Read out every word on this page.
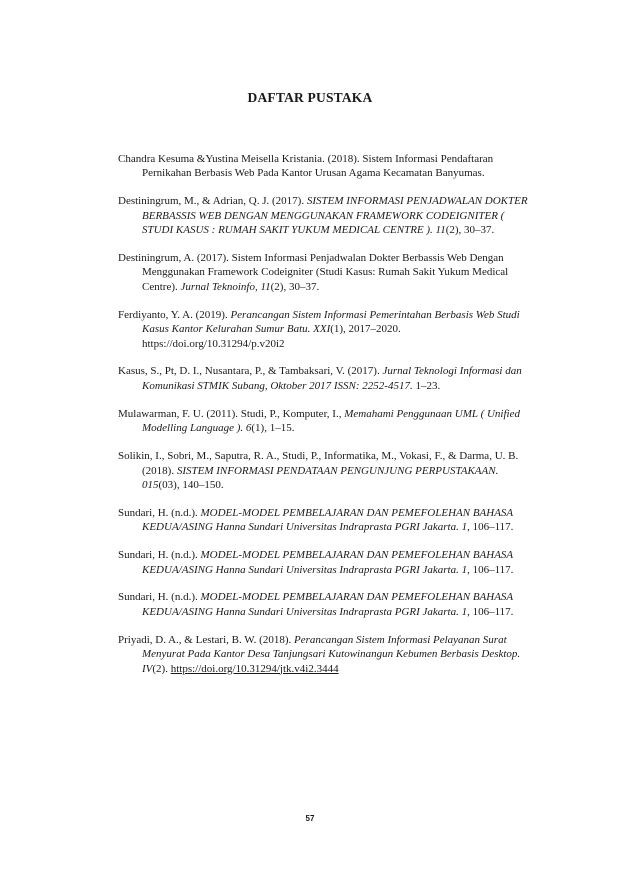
DAFTAR PUSTAKA
Chandra Kesuma &Yustina Meisella Kristania. (2018). Sistem Informasi Pendaftaran Pernikahan Berbasis Web Pada Kantor Urusan Agama Kecamatan Banyumas.
Destiningrum, M., & Adrian, Q. J. (2017). SISTEM INFORMASI PENJADWALAN DOKTER BERBASSIS WEB DENGAN MENGGUNAKAN FRAMEWORK CODEIGNITER ( STUDI KASUS : RUMAH SAKIT YUKUM MEDICAL CENTRE ). 11(2), 30–37.
Destiningrum, A. (2017). Sistem Informasi Penjadwalan Dokter Berbassis Web Dengan Menggunakan Framework Codeigniter (Studi Kasus: Rumah Sakit Yukum Medical Centre). Jurnal Teknoinfo, 11(2), 30–37.
Ferdiyanto, Y. A. (2019). Perancangan Sistem Informasi Pemerintahan Berbasis Web Studi Kasus Kantor Kelurahan Sumur Batu. XXI(1), 2017–2020. https://doi.org/10.31294/p.v20i2
Kasus, S., Pt, D. I., Nusantara, P., & Tambaksari, V. (2017). Jurnal Teknologi Informasi dan Komunikasi STMIK Subang, Oktober 2017 ISSN: 2252-4517. 1–23.
Mulawarman, F. U. (2011). Studi, P., Komputer, I., Memahami Penggunaan UML ( Unified Modelling Language ). 6(1), 1–15.
Solikin, I., Sobri, M., Saputra, R. A., Studi, P., Informatika, M., Vokasi, F., & Darma, U. B. (2018). SISTEM INFORMASI PENDATAAN PENGUNJUNG PERPUSTAKAAN. 015(03), 140–150.
Sundari, H. (n.d.). MODEL-MODEL PEMBELAJARAN DAN PEMEFOLEHAN BAHASA KEDUA/ASING Hanna Sundari Universitas Indraprasta PGRI Jakarta. 1, 106–117.
Sundari, H. (n.d.). MODEL-MODEL PEMBELAJARAN DAN PEMEFOLEHAN BAHASA KEDUA/ASING Hanna Sundari Universitas Indraprasta PGRI Jakarta. 1, 106–117.
Sundari, H. (n.d.). MODEL-MODEL PEMBELAJARAN DAN PEMEFOLEHAN BAHASA KEDUA/ASING Hanna Sundari Universitas Indraprasta PGRI Jakarta. 1, 106–117.
Priyadi, D. A., & Lestari, B. W. (2018). Perancangan Sistem Informasi Pelayanan Surat Menyurat Pada Kantor Desa Tanjungsari Kutowinangun Kebumen Berbasis Desktop. IV(2). https://doi.org/10.31294/jtk.v4i2.3444
57
